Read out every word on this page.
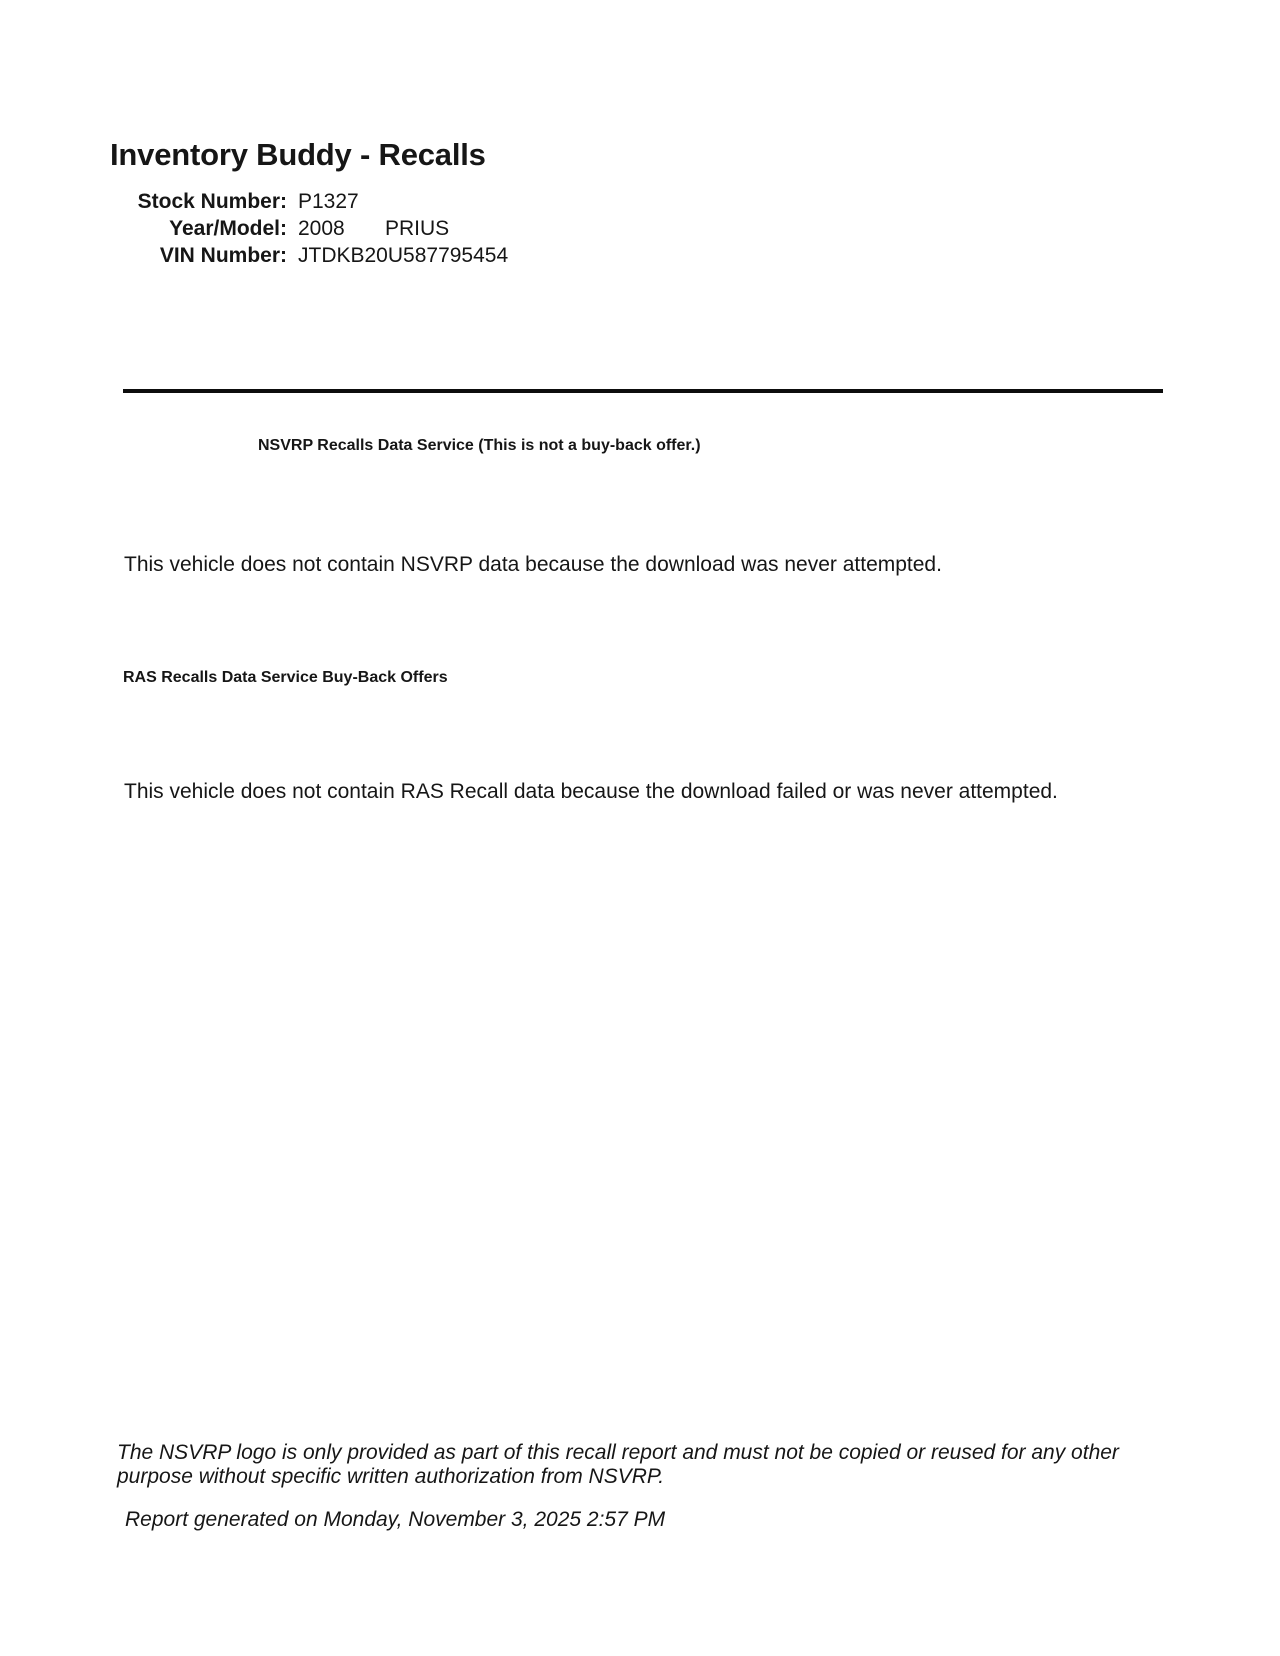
Inventory Buddy - Recalls
Stock Number: P1327
Year/Model: 2008 PRIUS
VIN Number: JTDKB20U587795454
NSVRP Recalls Data Service (This is not a buy-back offer.)
This vehicle does not contain NSVRP data because the download was never attempted.
RAS Recalls Data Service Buy-Back Offers
This vehicle does not contain RAS Recall data because the download failed or was never attempted.
The NSVRP logo is only provided as part of this recall report and must not be copied or reused for any other purpose without specific written authorization from NSVRP.
Report generated on Monday, November 3, 2025 2:57 PM
